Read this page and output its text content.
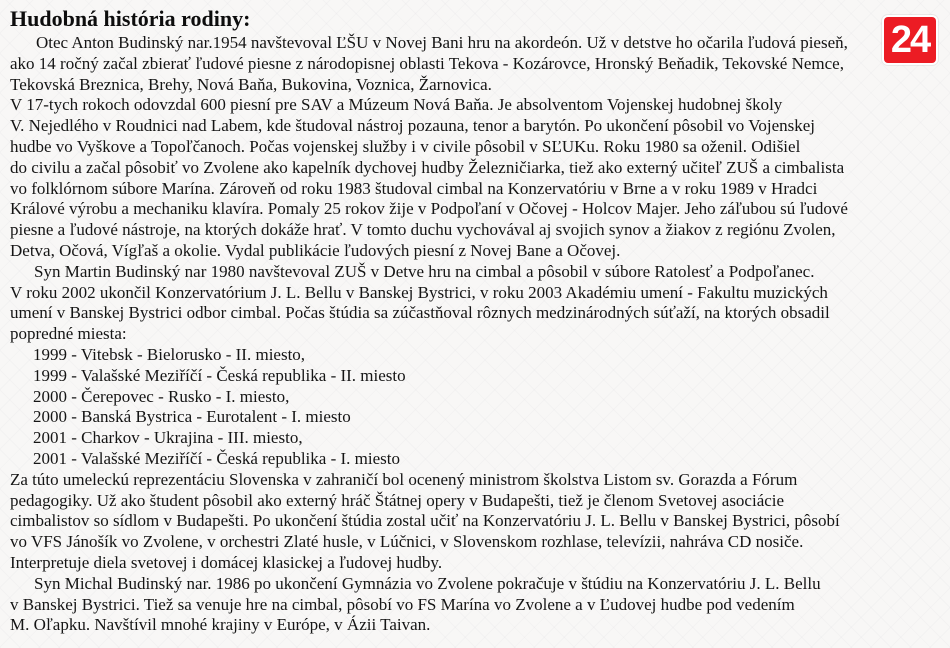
Hudobná história rodiny:
Otec Anton Budinský nar.1954 navštevoval ĽŠU v Novej Bani hru na akordeón. Už v detstve ho očarila ľudová pieseň,
ako 14 ročný začal zbierať ľudové piesne z národopisnej oblasti Tekova - Kozárovce, Hronský Beňadik, Tekovské Nemce,
Tekovská Breznica, Brehy, Nová Baňa, Bukovina, Voznica, Žarnovica.
V 17-tych rokoch odovzdal 600 piesní pre SAV a Múzeum Nová Baňa. Je absolventom Vojenskej hudobnej školy
V. Nejedlého v Roudnici nad Labem, kde študoval nástroj pozauna, tenor a barytón. Po ukončení pôsobil vo Vojenskej
hudbe vo Vyškove a Topoľčanoch. Počas vojenskej služby i v civile pôsobil v SĽUKu. Roku 1980 sa oženil. Odišiel
do civilu a začal pôsobiť vo Zvolene ako kapelník dychovej hudby Železničiarka, tiež ako externý učiteľ ZUŠ a cimbalista
vo folklórnom súbore Marína. Zároveň od roku 1983 študoval cimbal na Konzervatóriu v Brne a v roku 1989 v Hradci
Králové výrobu a mechaniku klavíra. Pomaly 25 rokov žije v Podpoľaní v Očovej - Holcov Majer. Jeho záľubou sú ľudové
piesne a ľudové nástroje, na ktorých dokáže hrať. V tomto duchu vychovával aj svojich synov a žiakov z regiónu Zvolen,
Detva, Očová, Vígľaš a okolie. Vydal publikácie ľudových piesní z Novej Bane a Očovej.
Syn Martin Budinský nar 1980 navštevoval ZUŠ v Detve hru na cimbal a pôsobil v súbore Ratolesť a Podpoľanec.
V roku 2002 ukončil Konzervatórium J. L. Bellu v Banskej Bystrici, v roku 2003 Akadémiu umení - Fakultu muzických
umení v Banskej Bystrici odbor cimbal. Počas štúdia sa zúčastňoval rôznych medzinárodných súťaží, na ktorých obsadil
popredné miesta:
1999 - Vitebsk - Bielorusko - II. miesto,
1999 - Valašské Meziříčí - Česká republika - II. miesto
2000 - Čerepovec - Rusko - I. miesto,
2000 - Banská Bystrica - Eurotalent - I. miesto
2001 - Charkov - Ukrajina - III. miesto,
2001 - Valašské Meziříčí - Česká republika - I. miesto
Za túto umeleckú reprezentáciu Slovenska v zahraničí bol ocenený ministrom školstva Listom sv. Gorazda a Fórum
pedagogiky. Už ako študent pôsobil ako externý hráč Štátnej opery v Budapešti, tiež je členom Svetovej asociácie
cimbalistov so sídlom v Budapešti. Po ukončení štúdia zostal učiť na Konzervatóriu J. L. Bellu v Banskej Bystrici, pôsobí
vo VFS Jánošík vo Zvolene, v orchestri Zlaté husle, v Lúčnici, v Slovenskom rozhlase, televízii, nahráva CD nosiče.
Interpretuje diela svetovej i domácej klasickej a ľudovej hudby.
Syn Michal Budinský nar. 1986 po ukončení Gymnázia vo Zvolene pokračuje v štúdiu na Konzervatóriu J. L. Bellu
v Banskej Bystrici. Tiež sa venuje hre na cimbal, pôsobí vo FS Marína vo Zvolene a v Ľudovej hudbe pod vedením
M. Oľapku. Navštívil mnohé krajiny v Európe, v Ázii Taivan.
24
